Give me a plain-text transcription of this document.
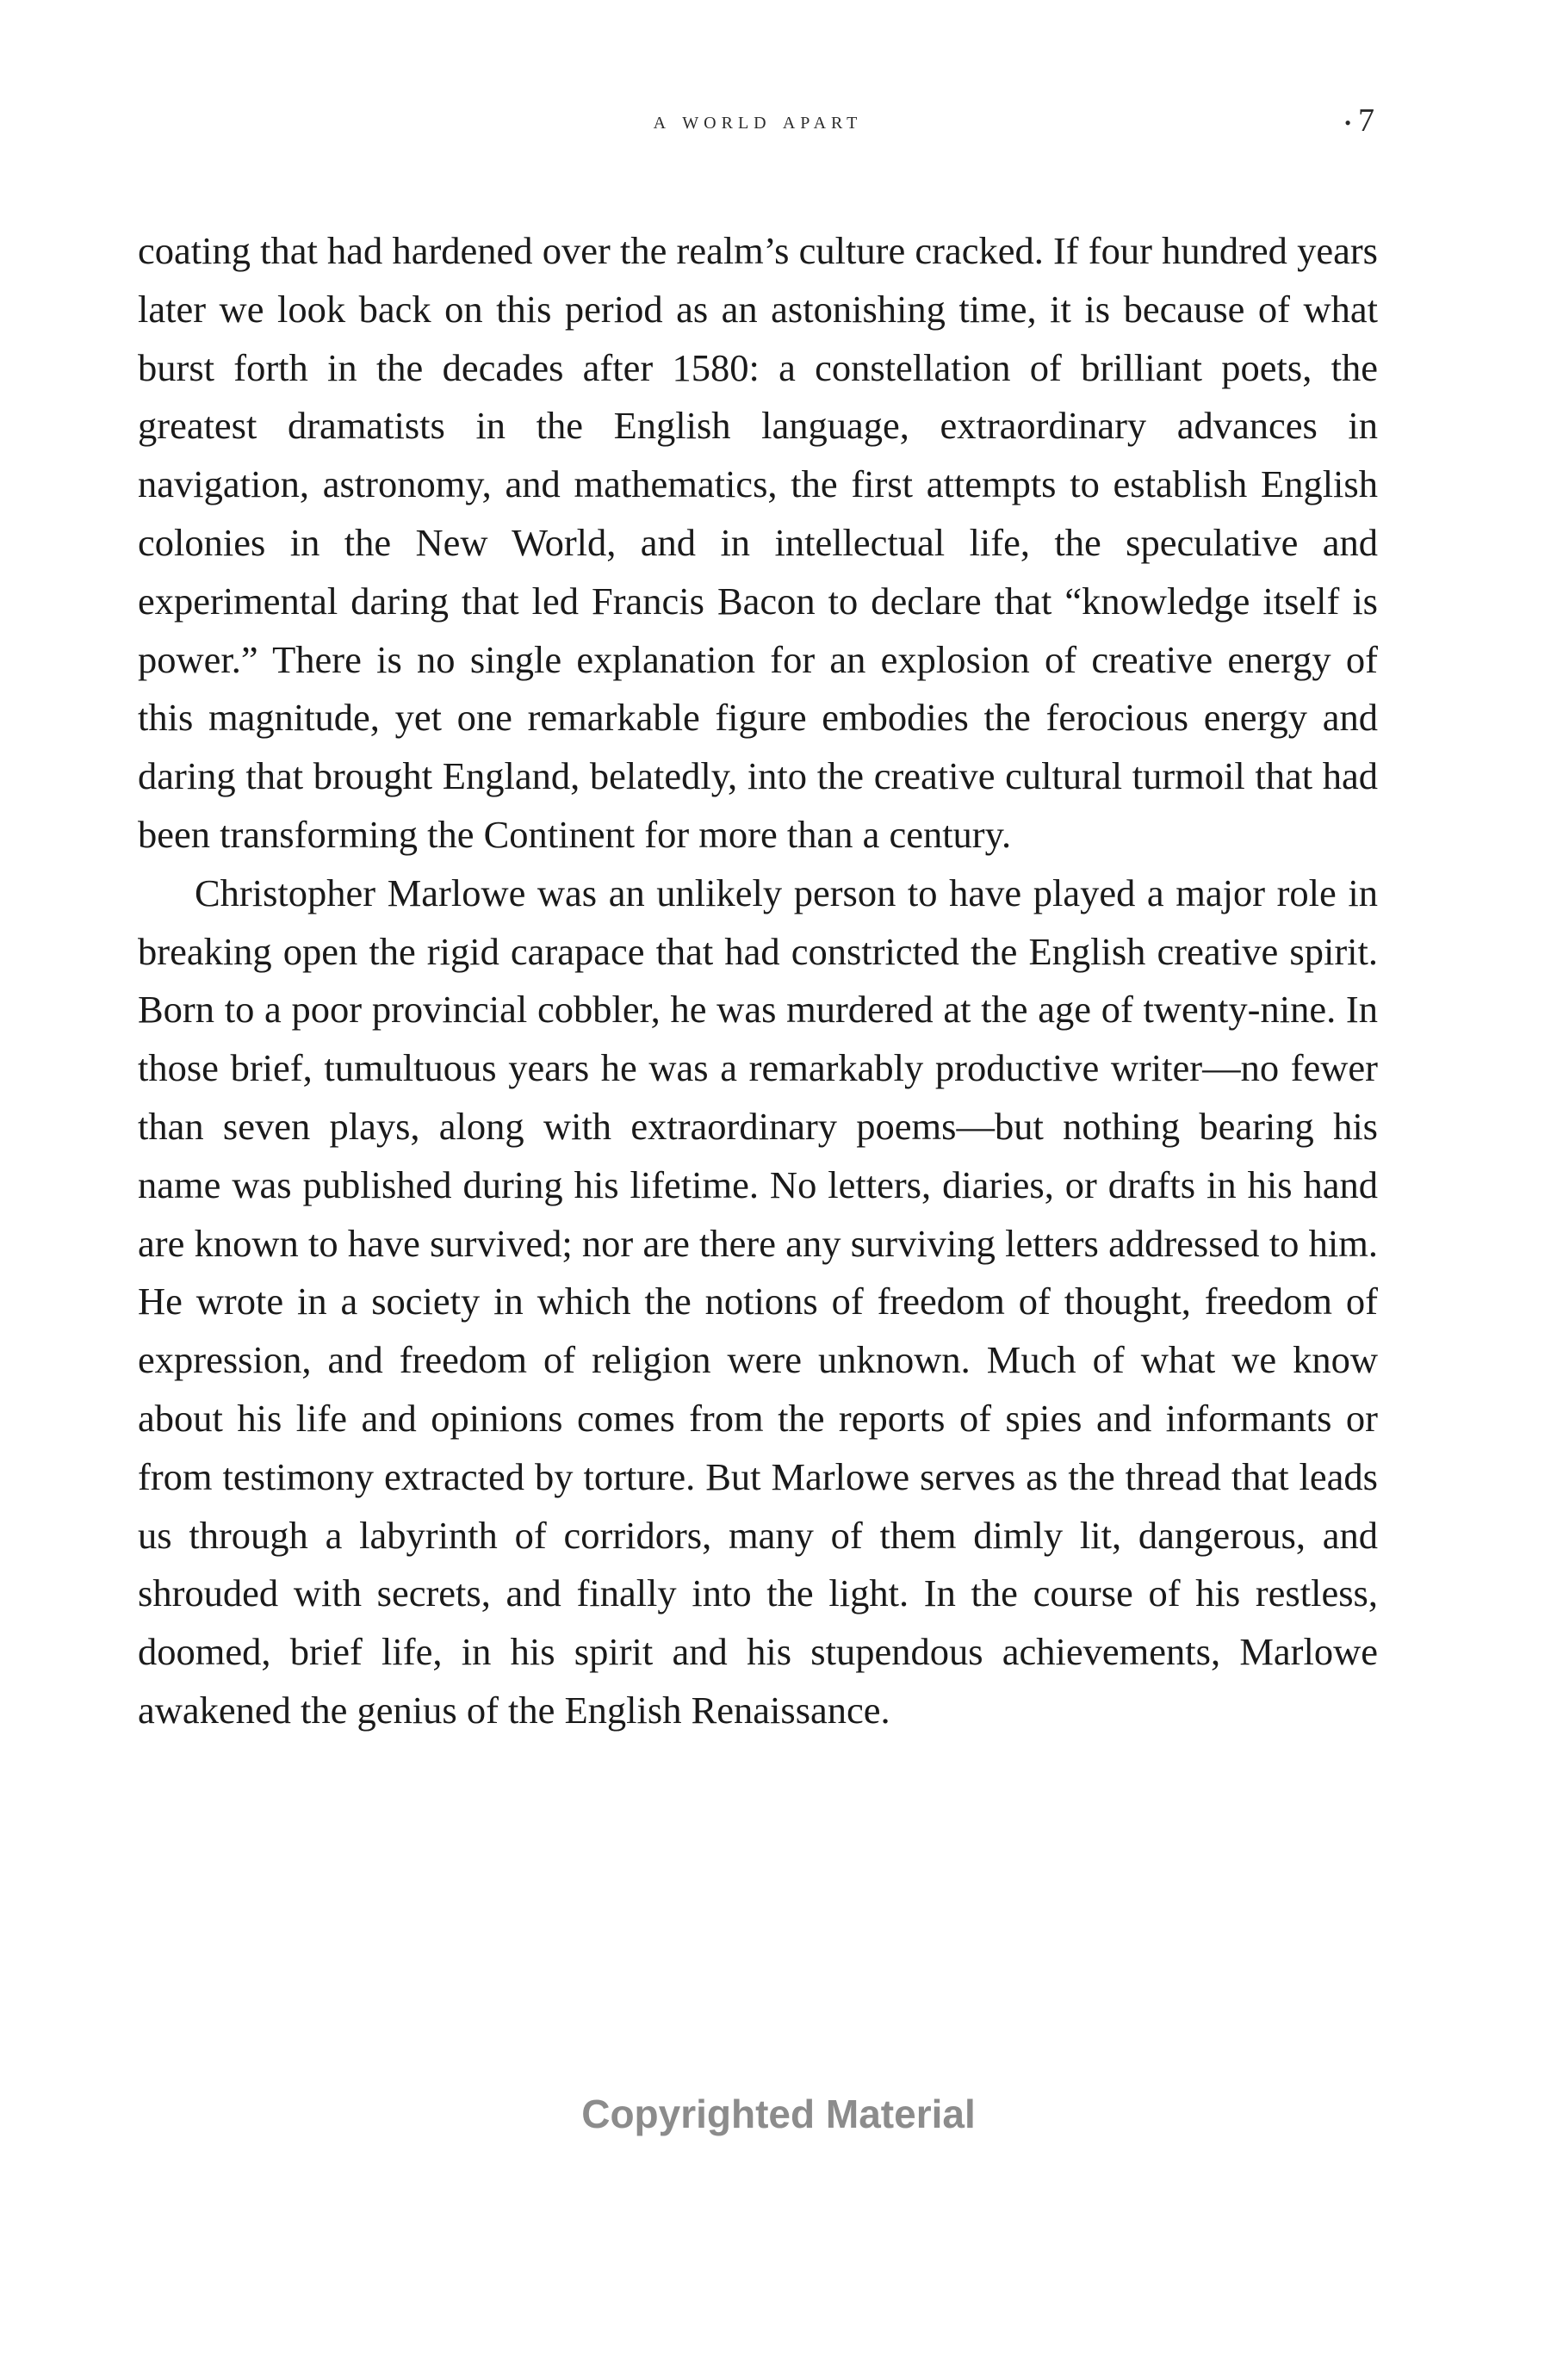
a world apart	• 7

coating that had hardened over the realm’s culture cracked. If four hundred years later we look back on this period as an astonishing time, it is because of what burst forth in the decades after 1580: a constellation of brilliant poets, the greatest dramatists in the English language, extraordinary advances in navigation, astronomy, and mathematics, the first attempts to establish English colonies in the New World, and in intellectual life, the speculative and experimental daring that led Francis Bacon to declare that “knowledge itself is power.” There is no single explanation for an explosion of creative energy of this magnitude, yet one remarkable figure embodies the ferocious energy and daring that brought England, belatedly, into the creative cultural turmoil that had been transforming the Continent for more than a century.

Christopher Marlowe was an unlikely person to have played a major role in breaking open the rigid carapace that had constricted the English creative spirit. Born to a poor provincial cobbler, he was murdered at the age of twenty-nine. In those brief, tumultuous years he was a remarkably productive writer—no fewer than seven plays, along with extraordinary poems—but nothing bearing his name was published during his lifetime. No letters, diaries, or drafts in his hand are known to have survived; nor are there any surviving letters addressed to him. He wrote in a society in which the notions of freedom of thought, freedom of expression, and freedom of religion were unknown. Much of what we know about his life and opinions comes from the reports of spies and informants or from testimony extracted by torture. But Marlowe serves as the thread that leads us through a labyrinth of corridors, many of them dimly lit, dangerous, and shrouded with secrets, and finally into the light. In the course of his restless, doomed, brief life, in his spirit and his stupendous achievements, Marlowe awakened the genius of the English Renaissance.

Copyrighted Material
